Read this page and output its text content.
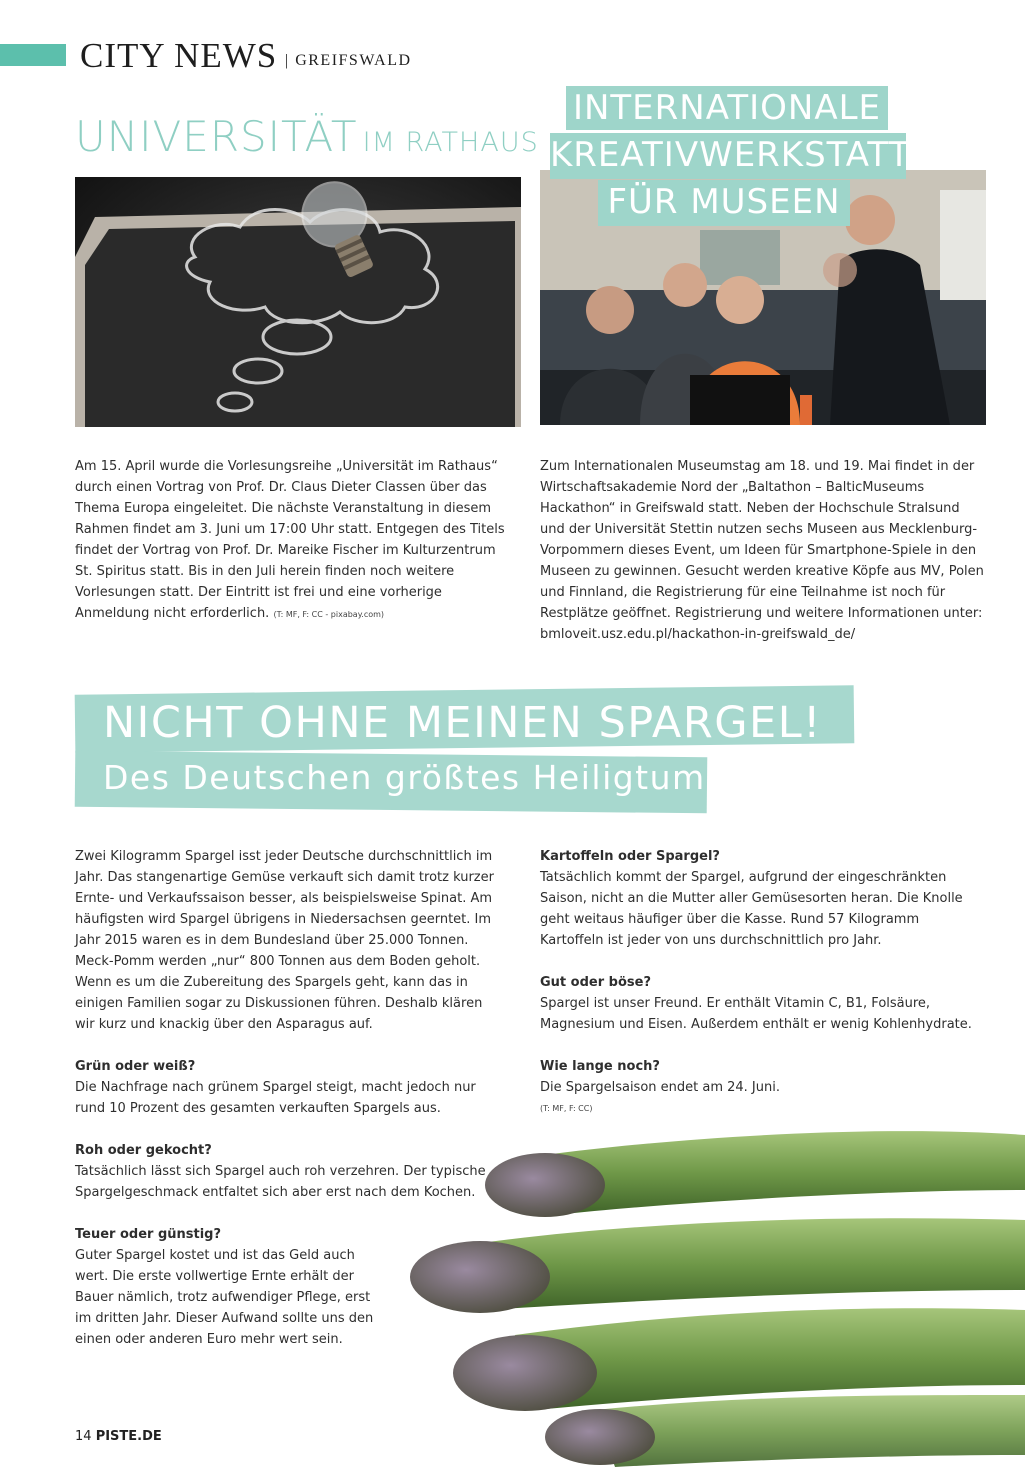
CITY NEWS | GREIFSWALD
UNIVERSITÄT IM RATHAUS
INTERNATIONALE
KREATIVWERKSTATT
FÜR MUSEEN
Am 15. April wurde die Vorlesungsreihe „Universität im Rathaus“ durch einen Vortrag von Prof. Dr. Claus Dieter Classen über das Thema Europa eingeleitet. Die nächste Veranstaltung in diesem Rahmen findet am 3. Juni um 17:00 Uhr statt. Entgegen des Titels findet der Vortrag von Prof. Dr. Mareike Fischer im Kulturzentrum St. Spiritus statt. Bis in den Juli herein finden noch weitere Vorlesungen statt. Der Eintritt ist frei und eine vorherige Anmeldung nicht erforderlich. (T: MF, F: CC - pixabay.com)
Zum Internationalen Museumstag am 18. und 19. Mai findet in der Wirtschaftsakademie Nord der „Baltathon – BalticMuseums Hackathon“ in Greifswald statt. Neben der Hochschule Stralsund und der Universität Stettin nutzen sechs Museen aus Mecklenburg-Vorpommern dieses Event, um Ideen für Smartphone-Spiele in den Museen zu gewinnen. Gesucht werden kreative Köpfe aus MV, Polen und Finnland, die Registrierung für eine Teilnahme ist noch für Restplätze geöffnet. Registrierung und weitere Informationen unter: bmloveit.usz.edu.pl/hackathon-in-greifswald_de/
NICHT OHNE MEINEN SPARGEL!
Des Deutschen größtes Heiligtum
Zwei Kilogramm Spargel isst jeder Deutsche durchschnittlich im Jahr. Das stangenartige Gemüse verkauft sich damit trotz kurzer Ernte- und Verkaufssaison besser, als beispielsweise Spinat. Am häufigsten wird Spargel übrigens in Niedersachsen geerntet. Im Jahr 2015 waren es in dem Bundesland über 25.000 Tonnen. Meck-Pomm werden „nur“ 800 Tonnen aus dem Boden geholt. Wenn es um die Zubereitung des Spargels geht, kann das in einigen Familien sogar zu Diskussionen führen. Deshalb klären wir kurz und knackig über den Asparagus auf.
Grün oder weiß?
Die Nachfrage nach grünem Spargel steigt, macht jedoch nur rund 10 Prozent des gesamten verkauften Spargels aus.
Roh oder gekocht?
Tatsächlich lässt sich Spargel auch roh verzehren. Der typische Spargelgeschmack entfaltet sich aber erst nach dem Kochen.
Teuer oder günstig?
Guter Spargel kostet und ist das Geld auch wert. Die erste vollwertige Ernte erhält der Bauer nämlich, trotz aufwendiger Pflege, erst im dritten Jahr. Dieser Aufwand sollte uns den einen oder anderen Euro mehr wert sein.
Kartoffeln oder Spargel?
Tatsächlich kommt der Spargel, aufgrund der eingeschränkten Saison, nicht an die Mutter aller Gemüsesorten heran. Die Knolle geht weitaus häufiger über die Kasse. Rund 57 Kilogramm Kartoffeln ist jeder von uns durchschnittlich pro Jahr.
Gut oder böse?
Spargel ist unser Freund. Er enthält Vitamin C, B1, Folsäure, Magnesium und Eisen. Außerdem enthält er wenig Kohlenhydrate.
Wie lange noch?
Die Spargelsaison endet am 24. Juni.
(T: MF, F: CC)
14 PISTE.DE
